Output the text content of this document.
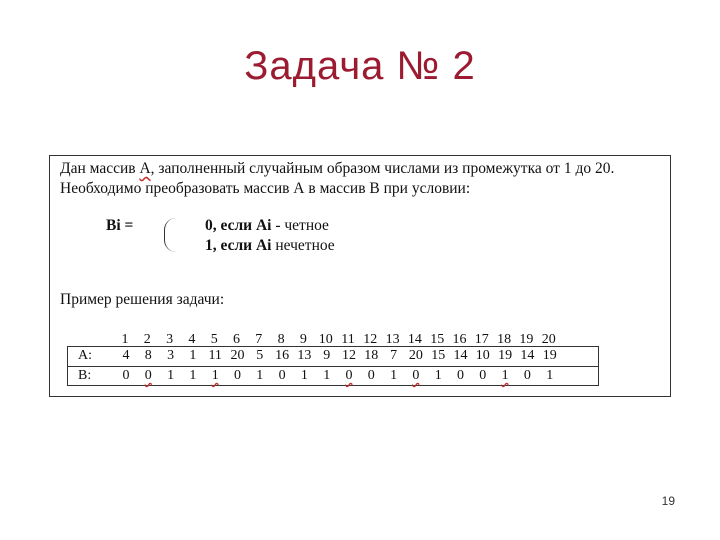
Задача № 2
Дан массив А, заполненный случайным образом числами из промежутка от 1 до 20.
Необходимо преобразовать массив А в массив В при условии:
Bi =	0, если Ai - четное
1, если Ai нечетное
Пример решения задачи:
1	2	3	4	5	6	7	8	9 10 11 12 13 14 15 16 17 18 19 20
А:	4	8	3	1 11 20 5 16 13 9 12 18 7 20 15 14 10 19 14 19
В:	0	0	1	1	1	0	1	0	1	1	0	0	1	0	1	0	0	1	0	1
19
